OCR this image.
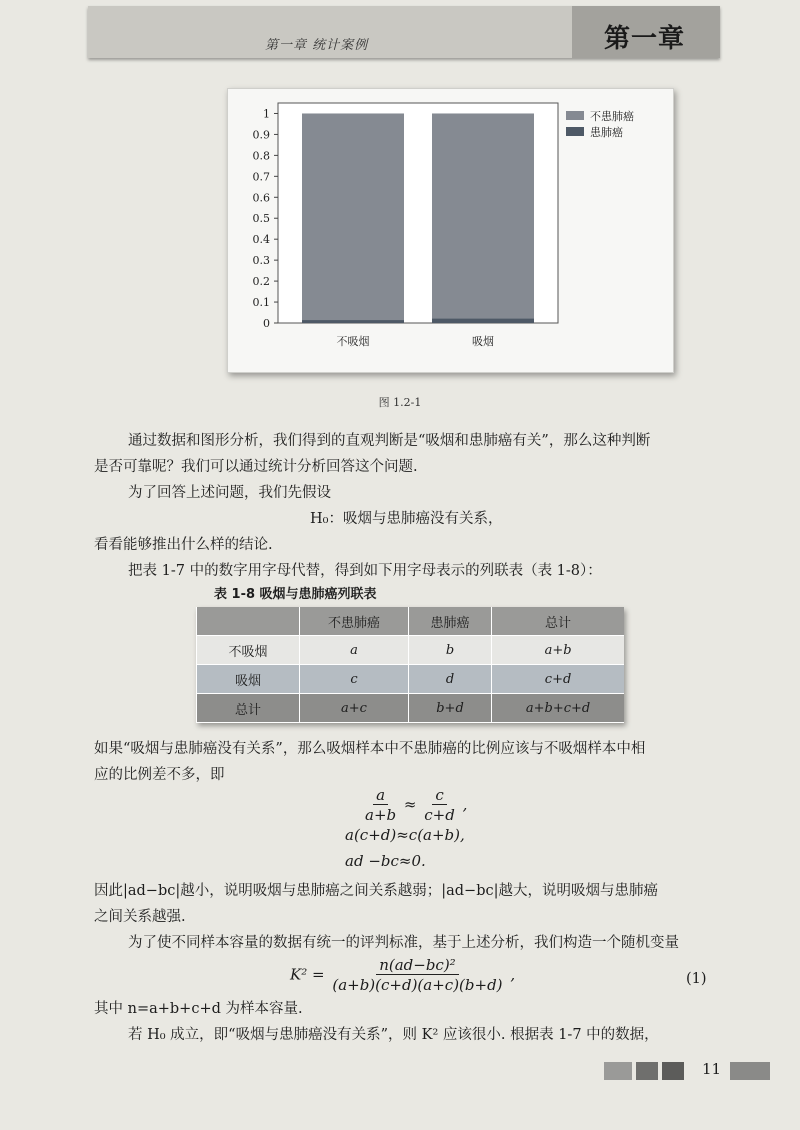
第一章 统计案例	第一章
0
0.1
0.2
0.3
0.4
0.5
0.6
0.7
0.8
0.9
1
不吸烟	吸烟
不患肺癌
患肺癌
图 1.2-1
通过数据和图形分析，我们得到的直观判断是“吸烟和患肺癌有关”，那么这种判断
是否可靠呢？我们可以通过统计分析回答这个问题.
为了回答上述问题，我们先假设
H₀：吸烟与患肺癌没有关系，
看看能够推出什么样的结论.
把表 1-7 中的数字用字母代替，得到如下用字母表示的列联表（表 1-8）：
表 1-8 吸烟与患肺癌列联表
	不患肺癌	患肺癌	总计
不吸烟	a	b	a+b
吸烟	c	d	c+d
总计	a+c	b+d	a+b+c+d
如果“吸烟与患肺癌没有关系”，那么吸烟样本中不患肺癌的比例应该与不吸烟样本中相
应的比例差不多，即
$\frac{a}{a+b} \approx \frac{c}{c+d}$ ,
a(c+d)≈c(a+b),
ad −bc≈0.
因此|ad−bc|越小，说明吸烟与患肺癌之间关系越弱；|ad−bc|越大，说明吸烟与患肺癌
之间关系越强.
为了使不同样本容量的数据有统一的评判标准，基于上述分析，我们构造一个随机变量
$K^2 = \frac{\text{n(ad−bc)²}}{(a+b)(c+d)(a+c)(b+d)}$ ,	(1)
其中 n=a+b+c+d 为样本容量.
若 H₀ 成立，即“吸烟与患肺癌没有关系”，则 K² 应该很小. 根据表 1-7 中的数据，
11
